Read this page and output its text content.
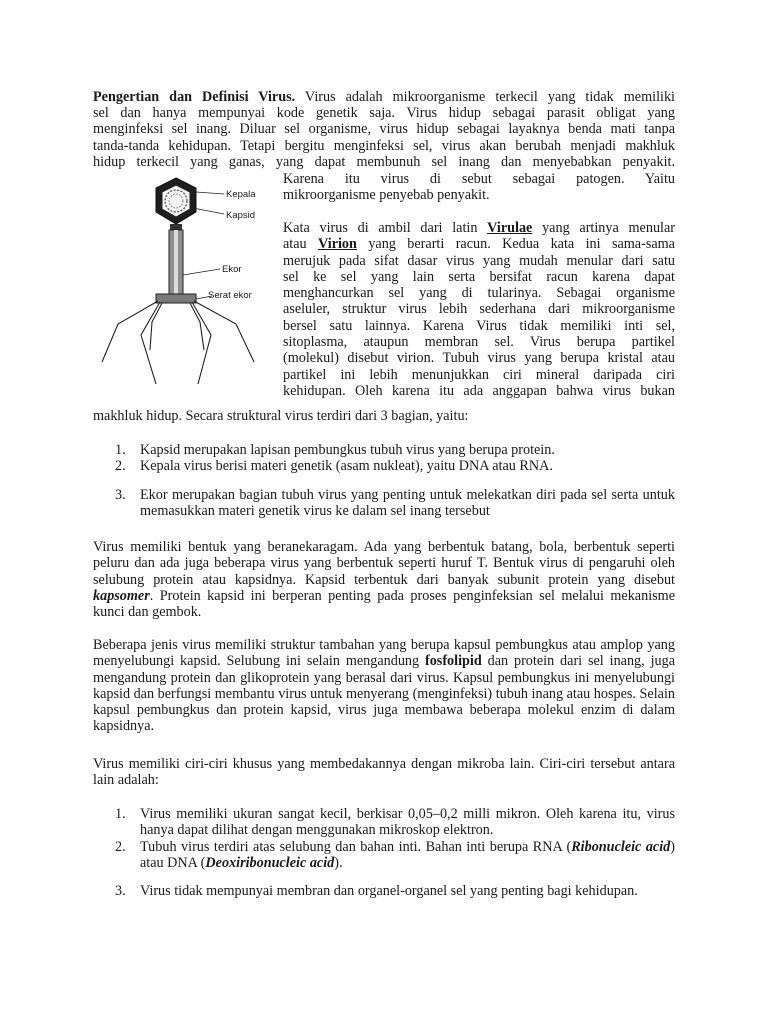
Pengertian dan Definisi Virus. Virus adalah mikroorganisme terkecil yang tidak memiliki
sel dan hanya mempunyai kode genetik saja. Virus hidup sebagai parasit obligat yang
menginfeksi sel inang. Diluar sel organisme, virus hidup sebagai layaknya benda mati tanpa
tanda-tanda kehidupan. Tetapi bergitu menginfeksi sel, virus akan berubah menjadi makhluk
hidup terkecil yang ganas, yang dapat membunuh sel inang dan menyebabkan penyakit.
Karena itu virus di sebut sebagai patogen. Yaitu
mikroorganisme penyebab penyakit.
Kepala
Kapsid
Ekor
Serat ekor
Kata virus di ambil dari latin Virulae yang artinya menular
atau Virion yang berarti racun. Kedua kata ini sama-sama
merujuk pada sifat dasar virus yang mudah menular dari satu
sel ke sel yang lain serta bersifat racun karena dapat
menghancurkan sel yang di tularinya. Sebagai organisme
aseluler, struktur virus lebih sederhana dari mikroorganisme
bersel satu lainnya. Karena Virus tidak memiliki inti sel,
sitoplasma, ataupun membran sel. Virus berupa partikel
(molekul) disebut virion. Tubuh virus yang berupa kristal atau
partikel ini lebih menunjukkan ciri mineral daripada ciri
kehidupan. Oleh karena itu ada anggapan bahwa virus bukan
makhluk hidup. Secara struktural virus terdiri dari 3 bagian, yaitu:
1. Kapsid merupakan lapisan pembungkus tubuh virus yang berupa protein.
2. Kepala virus berisi materi genetik (asam nukleat), yaitu DNA atau RNA.
3. Ekor merupakan bagian tubuh virus yang penting untuk melekatkan diri pada sel serta untuk memasukkan materi genetik virus ke dalam sel inang tersebut
Virus memiliki bentuk yang beranekaragam. Ada yang berbentuk batang, bola, berbentuk seperti peluru dan ada juga beberapa virus yang berbentuk seperti huruf T. Bentuk virus di pengaruhi oleh selubung protein atau kapsidnya. Kapsid terbentuk dari banyak subunit protein yang disebut kapsomer. Protein kapsid ini berperan penting pada proses penginfeksian sel melalui mekanisme kunci dan gembok.
Beberapa jenis virus memiliki struktur tambahan yang berupa kapsul pembungkus atau amplop yang menyelubungi kapsid. Selubung ini selain mengandung fosfolipid dan protein dari sel inang, juga mengandung protein dan glikoprotein yang berasal dari virus. Kapsul pembungkus ini menyelubungi kapsid dan berfungsi membantu virus untuk menyerang (menginfeksi) tubuh inang atau hospes. Selain kapsul pembungkus dan protein kapsid, virus juga membawa beberapa molekul enzim di dalam kapsidnya.
Virus memiliki ciri-ciri khusus yang membedakannya dengan mikroba lain. Ciri-ciri tersebut antara lain adalah:
1. Virus memiliki ukuran sangat kecil, berkisar 0,05–0,2 milli mikron. Oleh karena itu, virus hanya dapat dilihat dengan menggunakan mikroskop elektron.
2. Tubuh virus terdiri atas selubung dan bahan inti. Bahan inti berupa RNA (Ribonucleic acid) atau DNA (Deoxiribonucleic acid).
3. Virus tidak mempunyai membran dan organel-organel sel yang penting bagi kehidupan.
